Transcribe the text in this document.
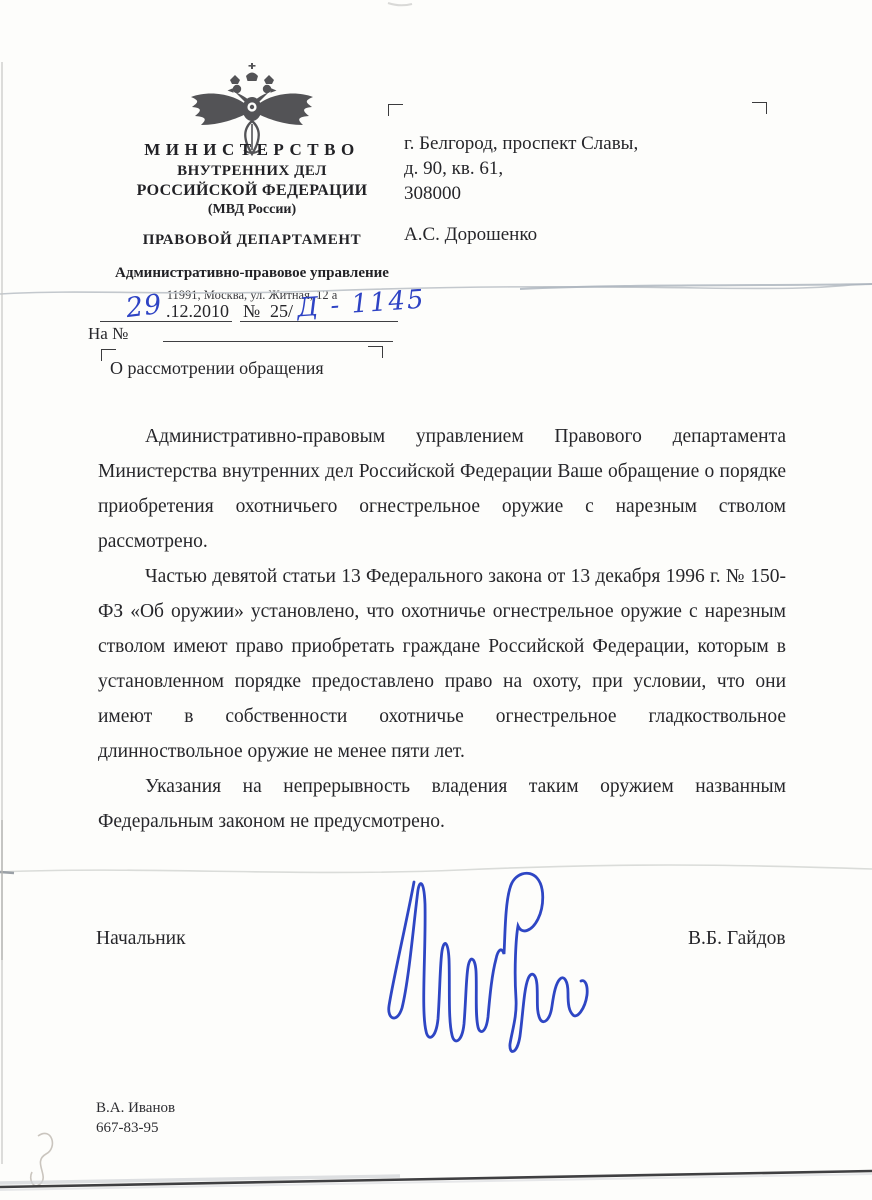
МИНИСТЕРСТВО
ВНУТРЕННИХ ДЕЛ
РОССИЙСКОЙ ФЕДЕРАЦИИ
(МВД России)
ПРАВОВОЙ ДЕПАРТАМЕНТ
Административно-правовое управление
11991, Москва, ул. Житная, 12 а
г. Белгород, проспект Славы,
д. 90, кв. 61,
308000
А.С. Дорошенко
29 .12.2010 № 25/ Д - 1145
На №
О рассмотрении обращения

Административно-правовым управлением Правового департамента Министерства внутренних дел Российской Федерации Ваше обращение о порядке приобретения охотничьего огнестрельное оружие с нарезным стволом рассмотрено.

Частью девятой статьи 13 Федерального закона от 13 декабря 1996 г. № 150-ФЗ «Об оружии» установлено, что охотничье огнестрельное оружие с нарезным стволом имеют право приобретать граждане Российской Федерации, которым в установленном порядке предоставлено право на охоту, при условии, что они имеют в собственности охотничье огнестрельное гладкоствольное длинноствольное оружие не менее пяти лет.

Указания на непрерывность владения таким оружием названным Федеральным законом не предусмотрено.

Начальник	В.Б. Гайдов
В.А. Иванов
667-83-95
